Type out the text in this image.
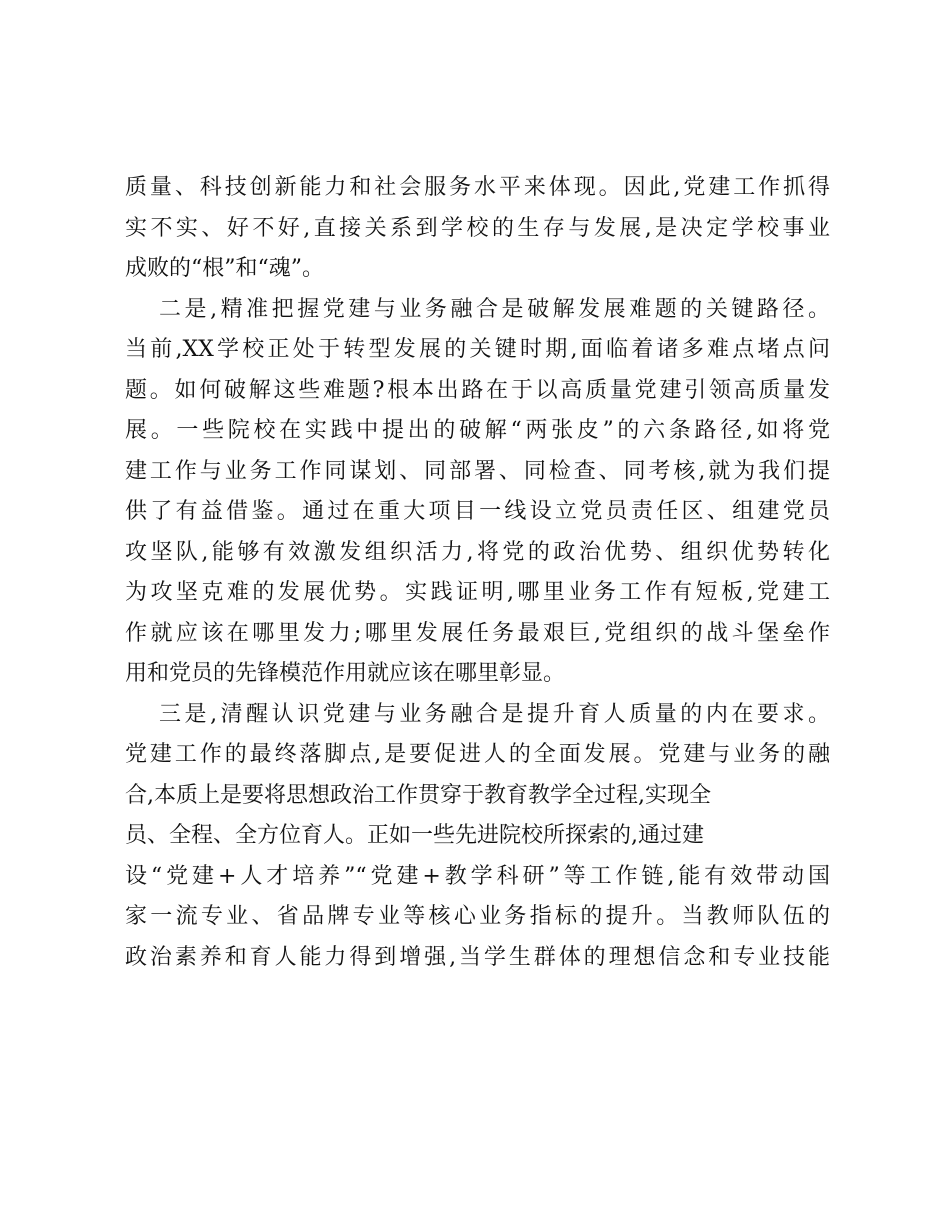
质量、科技创新能力和社会服务水平来体现。因此,党建工作抓得
实不实、好不好,直接关系到学校的生存与发展,是决定学校事业
成败的“根”和“魂”。
二是,精准把握党建与业务融合是破解发展难题的关键路径。
当前,XX学校正处于转型发展的关键时期,面临着诸多难点堵点问
题。如何破解这些难题?根本出路在于以高质量党建引领高质量发
展。一些院校在实践中提出的破解“两张皮”的六条路径,如将党
建工作与业务工作同谋划、同部署、同检查、同考核,就为我们提
供了有益借鉴。通过在重大项目一线设立党员责任区、组建党员
攻坚队,能够有效激发组织活力,将党的政治优势、组织优势转化
为攻坚克难的发展优势。实践证明,哪里业务工作有短板,党建工
作就应该在哪里发力;哪里发展任务最艰巨,党组织的战斗堡垒作
用和党员的先锋模范作用就应该在哪里彰显。
三是,清醒认识党建与业务融合是提升育人质量的内在要求。
党建工作的最终落脚点,是要促进人的全面发展。党建与业务的融
合,本质上是要将思想政治工作贯穿于教育教学全过程,实现全
员、全程、全方位育人。正如一些先进院校所探索的,通过建
设“党建+人才培养”“党建+教学科研”等工作链,能有效带动国
家一流专业、省品牌专业等核心业务指标的提升。当教师队伍的
政治素养和育人能力得到增强,当学生群体的理想信念和专业技能
